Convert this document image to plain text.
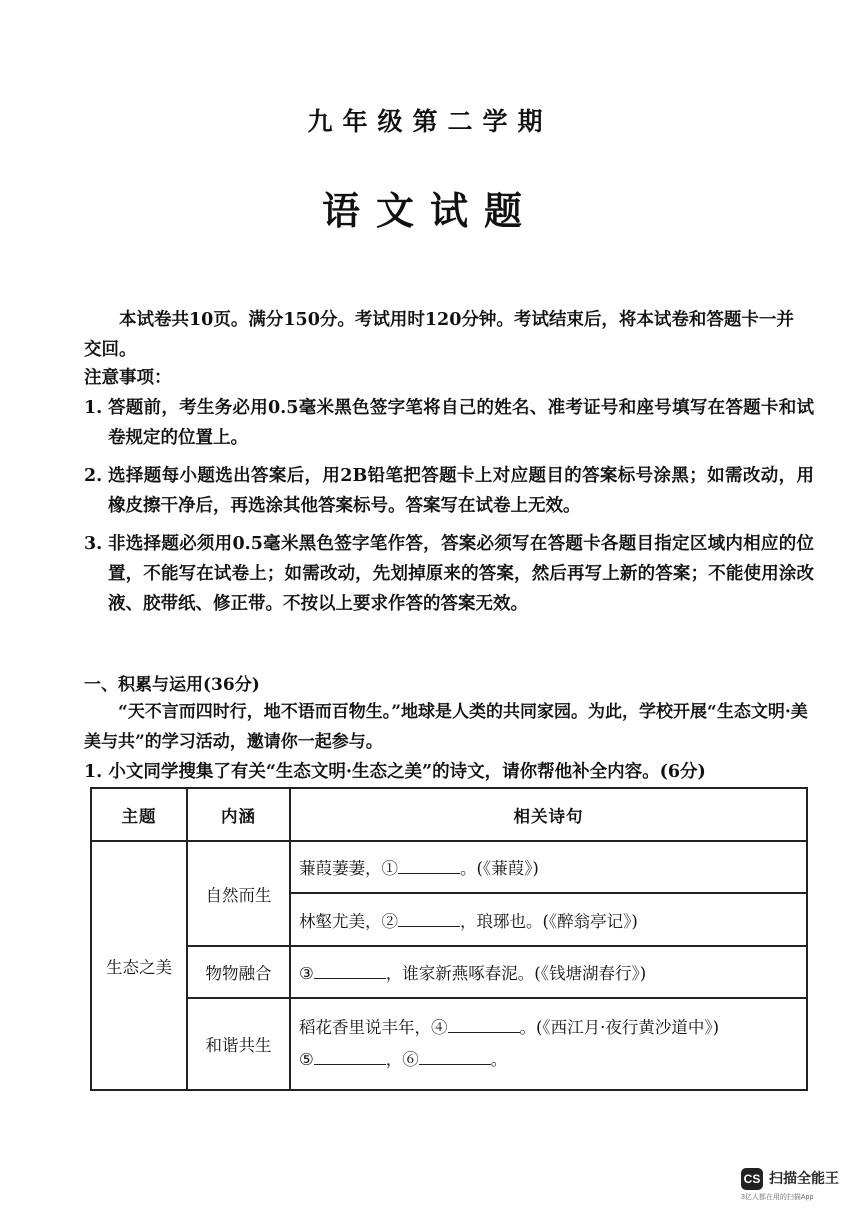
九年级第二学期
语文试题
本试卷共10页。满分150分。考试用时120分钟。考试结束后，将本试卷和答题卡一并交回。
注意事项：
1. 答题前，考生务必用0.5毫米黑色签字笔将自己的姓名、准考证号和座号填写在答题卡和试卷规定的位置上。
2. 选择题每小题选出答案后，用2B铅笔把答题卡上对应题目的答案标号涂黑；如需改动，用橡皮擦干净后，再选涂其他答案标号。答案写在试卷上无效。
3. 非选择题必须用0.5毫米黑色签字笔作答，答案必须写在答题卡各题目指定区域内相应的位置，不能写在试卷上；如需改动，先划掉原来的答案，然后再写上新的答案；不能使用涂改液、胶带纸、修正带。不按以上要求作答的答案无效。
一、积累与运用(36分)
“天不言而四时行，地不语而百物生。”地球是人类的共同家园。为此，学校开展“生态文明·美美与共”的学习活动，邀请你一起参与。
1. 小文同学搜集了有关“生态文明·生态之美”的诗文，请你帮他补全内容。(6分)
主题	内涵	相关诗句
生态之美	自然而生	蒹葭萋萋，① 。(《蒹葭》)
		林壑尤美，② ，琅琊也。(《醉翁亭记》)
	物物融合	③ ，谁家新燕啄春泥。(《钱塘湖春行》)
	和谐共生	稻花香里说丰年，④ 。(《西江月·夜行黄沙道中》)
⑤ ，⑥ 。
CS 扫描全能王
3亿人都在用的扫描App
